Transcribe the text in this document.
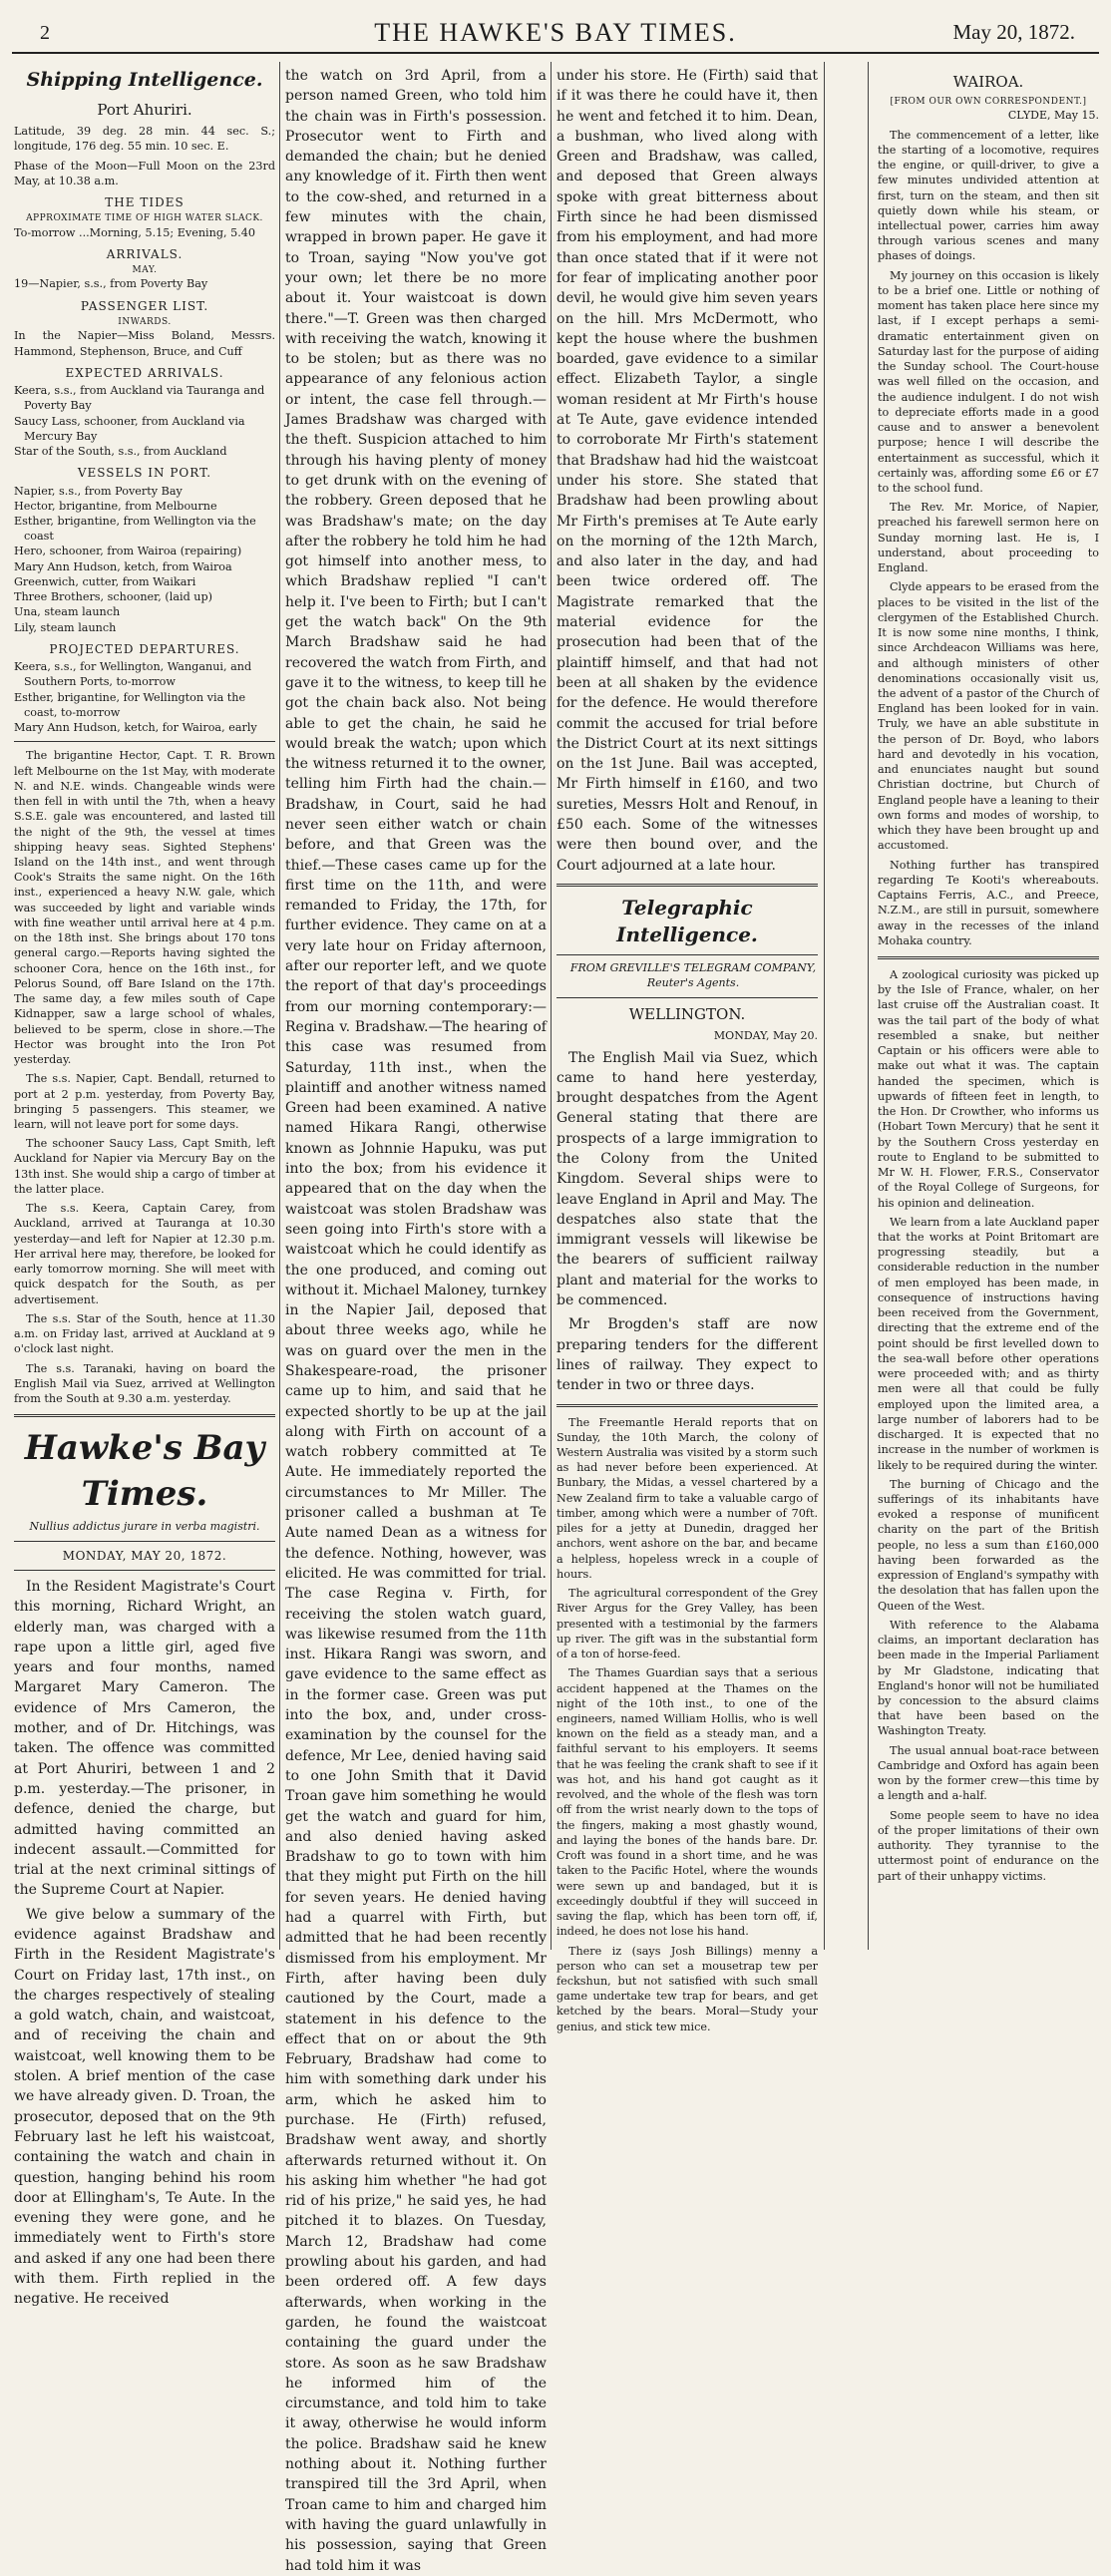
2	THE HAWKE'S BAY TIMES.	May 20, 1872.
Shipping Intelligence.
Port Ahuriri.

Latitude, 39 deg. 28 min. 44 sec. S.; longitude, 176 deg. 55 min. 10 sec. E.

Phase of the Moon—Full Moon on the 23rd May, at 10.38 a.m.

THE TIDES
APPROXIMATE TIME OF HIGH WATER SLACK.

To-morrow ...Morning, 5.15; Evening, 5.40

ARRIVALS.
MAY.

19—Napier, s.s., from Poverty Bay

PASSENGER LIST.
INWARDS.

In the Napier—Miss Boland, Messrs. Hammond, Stephenson, Bruce, and Cuff

EXPECTED ARRIVALS.

Keera, s.s., from Auckland via Tauranga and Poverty Bay

Saucy Lass, schooner, from Auckland via Mercury Bay

Star of the South, s.s., from Auckland

VESSELS IN PORT.

Napier, s.s., from Poverty Bay

Hector, brigantine, from Melbourne

Esther, brigantine, from Wellington via the coast

Hero, schooner, from Wairoa (repairing)

Mary Ann Hudson, ketch, from Wairoa

Greenwich, cutter, from Waikari

Three Brothers, schooner, (laid up)

Una, steam launch

Lily, steam launch

PROJECTED DEPARTURES.

Keera, s.s., for Wellington, Wanganui, and Southern Ports, to-morrow

Esther, brigantine, for Wellington via the coast, to-morrow

Mary Ann Hudson, ketch, for Wairoa, early

The brigantine Hector, Capt. T. R. Brown left Melbourne on the 1st May, with moderate N. and N.E. winds. Changeable winds were then fell in with until the 7th, when a heavy S.S.E. gale was encountered, and lasted till the night of the 9th, the vessel at times shipping heavy seas. Sighted Stephens' Island on the 14th inst., and went through Cook's Straits the same night. On the 16th inst., experienced a heavy N.W. gale, which was succeeded by light and variable winds with fine weather until arrival here at 4 p.m. on the 18th inst. She brings about 170 tons general cargo.—Reports having sighted the schooner Cora, hence on the 16th inst., for Pelorus Sound, off Bare Island on the 17th. The same day, a few miles south of Cape Kidnapper, saw a large school of whales, believed to be sperm, close in shore.—The Hector was brought into the Iron Pot yesterday.

The s.s. Napier, Capt. Bendall, returned to port at 2 p.m. yesterday, from Poverty Bay, bringing 5 passengers. This steamer, we learn, will not leave port for some days.

The schooner Saucy Lass, Capt Smith, left Auckland for Napier via Mercury Bay on the 13th inst. She would ship a cargo of timber at the latter place.

The s.s. Keera, Captain Carey, from Auckland, arrived at Tauranga at 10.30 yesterday—and left for Napier at 12.30 p.m. Her arrival here may, therefore, be looked for early tomorrow morning. She will meet with quick despatch for the South, as per advertisement.

The s.s. Star of the South, hence at 11.30 a.m. on Friday last, arrived at Auckland at 9 o'clock last night.

The s.s. Taranaki, having on board the English Mail via Suez, arrived at Wellington from the South at 9.30 a.m. yesterday.

Hawke's Bay Times.
Nullius addictus jurare in verba magistri.
MONDAY, MAY 20, 1872.

In the Resident Magistrate's Court this morning, Richard Wright, an elderly man, was charged with a rape upon a little girl, aged five years and four months, named Margaret Mary Cameron. The evidence of Mrs Cameron, the mother, and of Dr. Hitchings, was taken. The offence was committed at Port Ahuriri, between 1 and 2 p.m. yesterday.—The prisoner, in defence, denied the charge, but admitted having committed an indecent assault.—Committed for trial at the next criminal sittings of the Supreme Court at Napier.

We give below a summary of the evidence against Bradshaw and Firth in the Resident Magistrate's Court on Friday last, 17th inst., on the charges respectively of stealing a gold watch, chain, and waistcoat, and of receiving the chain and waistcoat, well knowing them to be stolen. A brief mention of the case we have already given. D. Troan, the prosecutor, deposed that on the 9th February last he left his waistcoat, containing the watch and chain in question, hanging behind his room door at Ellingham's, Te Aute. In the evening they were gone, and he immediately went to Firth's store and asked if any one had been there with them. Firth replied in the negative. He received

the watch on 3rd April, from a person named Green, who told him the chain was in Firth's possession. Prosecutor went to Firth and demanded the chain; but he denied any knowledge of it. Firth then went to the cow-shed, and returned in a few minutes with the chain, wrapped in brown paper. He gave it to Troan, saying "Now you've got your own; let there be no more about it. Your waistcoat is down there."—T. Green was then charged with receiving the watch, knowing it to be stolen; but as there was no appearance of any felonious action or intent, the case fell through.—James Bradshaw was charged with the theft. Suspicion attached to him through his having plenty of money to get drunk with on the evening of the robbery. Green deposed that he was Bradshaw's mate; on the day after the robbery he told him he had got himself into another mess, to which Bradshaw replied "I can't help it. I've been to Firth; but I can't get the watch back" On the 9th March Bradshaw said he had recovered the watch from Firth, and gave it to the witness, to keep till he got the chain back also. Not being able to get the chain, he said he would break the watch; upon which the witness returned it to the owner, telling him Firth had the chain.—Bradshaw, in Court, said he had never seen either watch or chain before, and that Green was the thief.—These cases came up for the first time on the 11th, and were remanded to Friday, the 17th, for further evidence. They came on at a very late hour on Friday afternoon, after our reporter left, and we quote the report of that day's proceedings from our morning contemporary:—Regina v. Bradshaw.—The hearing of this case was resumed from Saturday, 11th inst., when the plaintiff and another witness named Green had been examined. A native named Hikara Rangi, otherwise known as Johnnie Hapuku, was put into the box; from his evidence it appeared that on the day when the waistcoat was stolen Bradshaw was seen going into Firth's store with a waistcoat which he could identify as the one produced, and coming out without it. Michael Maloney, turnkey in the Napier Jail, deposed that about three weeks ago, while he was on guard over the men in the Shakespeare-road, the prisoner came up to him, and said that he expected shortly to be up at the jail along with Firth on account of a watch robbery committed at Te Aute. He immediately reported the circumstances to Mr Miller. The prisoner called a bushman at Te Aute named Dean as a witness for the defence. Nothing, however, was elicited. He was committed for trial. The case Regina v. Firth, for receiving the stolen watch guard, was likewise resumed from the 11th inst. Hikara Rangi was sworn, and gave evidence to the same effect as in the former case. Green was put into the box, and, under cross-examination by the counsel for the defence, Mr Lee, denied having said to one John Smith that it David Troan gave him something he would get the watch and guard for him, and also denied having asked Bradshaw to go to town with him that they might put Firth on the hill for seven years. He denied having had a quarrel with Firth, but admitted that he had been recently dismissed from his employment. Mr Firth, after having been duly cautioned by the Court, made a statement in his defence to the effect that on or about the 9th February, Bradshaw had come to him with something dark under his arm, which he asked him to purchase. He (Firth) refused, Bradshaw went away, and shortly afterwards returned without it. On his asking him whether "he had got rid of his prize," he said yes, he had pitched it to blazes. On Tuesday, March 12, Bradshaw had come prowling about his garden, and had been ordered off. A few days afterwards, when working in the garden, he found the waistcoat containing the guard under the store. As soon as he saw Bradshaw he informed him of the circumstance, and told him to take it away, otherwise he would inform the police. Bradshaw said he knew nothing about it. Nothing further transpired till the 3rd April, when Troan came to him and charged him with having the guard unlawfully in his possession, saying that Green had told him it was

under his store. He (Firth) said that if it was there he could have it, then he went and fetched it to him. Dean, a bushman, who lived along with Green and Bradshaw, was called, and deposed that Green always spoke with great bitterness about Firth since he had been dismissed from his employment, and had more than once stated that if it were not for fear of implicating another poor devil, he would give him seven years on the hill. Mrs McDermott, who kept the house where the bushmen boarded, gave evidence to a similar effect. Elizabeth Taylor, a single woman resident at Mr Firth's house at Te Aute, gave evidence intended to corroborate Mr Firth's statement that Bradshaw had hid the waistcoat under his store. She stated that Bradshaw had been prowling about Mr Firth's premises at Te Aute early on the morning of the 12th March, and also later in the day, and had been twice ordered off. The Magistrate remarked that the material evidence for the prosecution had been that of the plaintiff himself, and that had not been at all shaken by the evidence for the defence. He would therefore commit the accused for trial before the District Court at its next sittings on the 1st June. Bail was accepted, Mr Firth himself in £160, and two sureties, Messrs Holt and Renouf, in £50 each. Some of the witnesses were then bound over, and the Court adjourned at a late hour.

Telegraphic Intelligence.

FROM GREVILLE'S TELEGRAM COMPANY,

Reuter's Agents.

WELLINGTON.

MONDAY, May 20.

The English Mail via Suez, which came to hand here yesterday, brought despatches from the Agent General stating that there are prospects of a large immigration to the Colony from the United Kingdom. Several ships were to leave England in April and May. The despatches also state that the immigrant vessels will likewise be the bearers of sufficient railway plant and material for the works to be commenced.

Mr Brogden's staff are now preparing tenders for the different lines of railway. They expect to tender in two or three days.

The Freemantle Herald reports that on Sunday, the 10th March, the colony of Western Australia was visited by a storm such as had never before been experienced. At Bunbary, the Midas, a vessel chartered by a New Zealand firm to take a valuable cargo of timber, among which were a number of 70ft. piles for a jetty at Dunedin, dragged her anchors, went ashore on the bar, and became a helpless, hopeless wreck in a couple of hours.

The agricultural correspondent of the Grey River Argus for the Grey Valley, has been presented with a testimonial by the farmers up river. The gift was in the substantial form of a ton of horse-feed.

The Thames Guardian says that a serious accident happened at the Thames on the night of the 10th inst., to one of the engineers, named William Hollis, who is well known on the field as a steady man, and a faithful servant to his employers. It seems that he was feeling the crank shaft to see if it was hot, and his hand got caught as it revolved, and the whole of the flesh was torn off from the wrist nearly down to the tops of the fingers, making a most ghastly wound, and laying the bones of the hands bare. Dr. Croft was found in a short time, and he was taken to the Pacific Hotel, where the wounds were sewn up and bandaged, but it is exceedingly doubtful if they will succeed in saving the flap, which has been torn off, if, indeed, he does not lose his hand.

There iz (says Josh Billings) menny a person who can set a mousetrap tew per feckshun, but not satisfied with such small game undertake tew trap for bears, and get ketched by the bears. Moral—Study your genius, and stick tew mice.

WAIROA.
[FROM OUR OWN CORRESPONDENT.]

CLYDE, May 15.

The commencement of a letter, like the starting of a locomotive, requires the engine, or quill-driver, to give a few minutes undivided attention at first, turn on the steam, and then sit quietly down while his steam, or intellectual power, carries him away through various scenes and many phases of doings.

My journey on this occasion is likely to be a brief one. Little or nothing of moment has taken place here since my last, if I except perhaps a semi-dramatic entertainment given on Saturday last for the purpose of aiding the Sunday school. The Court-house was well filled on the occasion, and the audience indulgent. I do not wish to depreciate efforts made in a good cause and to answer a benevolent purpose; hence I will describe the entertainment as successful, which it certainly was, affording some £6 or £7 to the school fund.

The Rev. Mr. Morice, of Napier, preached his farewell sermon here on Sunday morning last. He is, I understand, about proceeding to England.

Clyde appears to be erased from the places to be visited in the list of the clergymen of the Established Church. It is now some nine months, I think, since Archdeacon Williams was here, and although ministers of other denominations occasionally visit us, the advent of a pastor of the Church of England has been looked for in vain. Truly, we have an able substitute in the person of Dr. Boyd, who labors hard and devotedly in his vocation, and enunciates naught but sound Christian doctrine, but Church of England people have a leaning to their own forms and modes of worship, to which they have been brought up and accustomed.

Nothing further has transpired regarding Te Kooti's whereabouts. Captains Ferris, A.C., and Preece, N.Z.M., are still in pursuit, somewhere away in the recesses of the inland Mohaka country.

A zoological curiosity was picked up by the Isle of France, whaler, on her last cruise off the Australian coast. It was the tail part of the body of what resembled a snake, but neither Captain or his officers were able to make out what it was. The captain handed the specimen, which is upwards of fifteen feet in length, to the Hon. Dr Crowther, who informs us (Hobart Town Mercury) that he sent it by the Southern Cross yesterday en route to England to be submitted to Mr W. H. Flower, F.R.S., Conservator of the Royal College of Surgeons, for his opinion and delineation.

We learn from a late Auckland paper that the works at Point Britomart are progressing steadily, but a considerable reduction in the number of men employed has been made, in consequence of instructions having been received from the Government, directing that the extreme end of the point should be first levelled down to the sea-wall before other operations were proceeded with; and as thirty men were all that could be fully employed upon the limited area, a large number of laborers had to be discharged. It is expected that no increase in the number of workmen is likely to be required during the winter.

The burning of Chicago and the sufferings of its inhabitants have evoked a response of munificent charity on the part of the British people, no less a sum than £160,000 having been forwarded as the expression of England's sympathy with the desolation that has fallen upon the Queen of the West.

With reference to the Alabama claims, an important declaration has been made in the Imperial Parliament by Mr Gladstone, indicating that England's honor will not be humiliated by concession to the absurd claims that have been based on the Washington Treaty.

The usual annual boat-race between Cambridge and Oxford has again been won by the former crew—this time by a length and a-half.

Some people seem to have no idea of the proper limitations of their own authority. They tyrannise to the uttermost point of endurance on the part of their unhappy victims.
